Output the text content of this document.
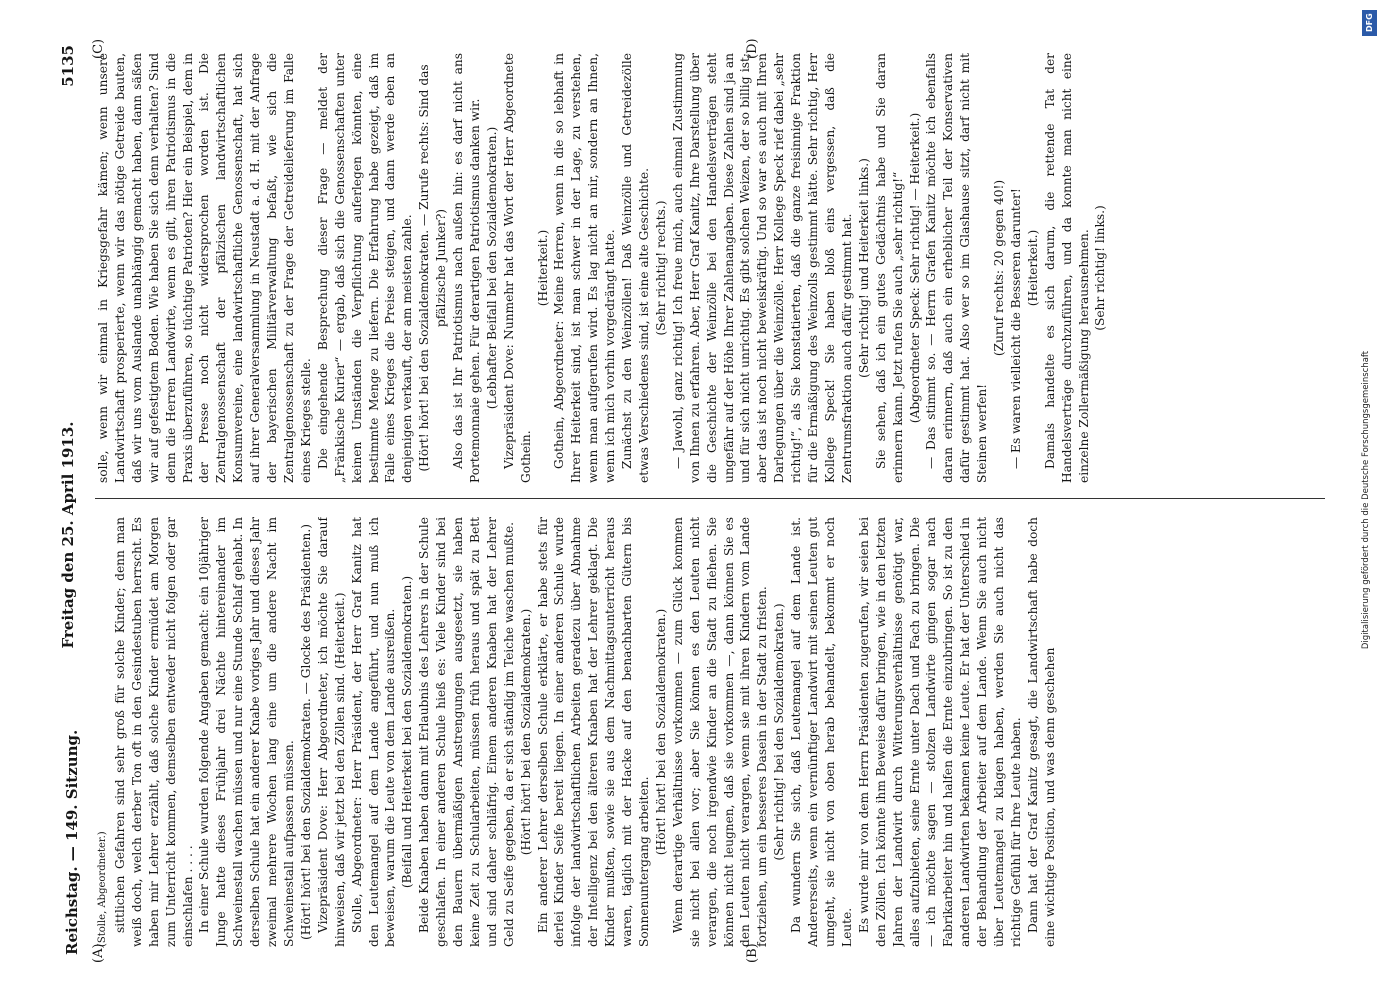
Reichstag. — 149. Sitzung.
Freitag den 25. April 1913.
5135
(A)	(B)
(C)	(D)

(Stolle, Abgeordneter.) sittlichen Gefahren sind sehr groß für solche Kinder; denn man weiß doch, welch derber Ton oft in den Gesindestuben herrscht. Es haben mir Lehrer erzählt, daß solche Kinder ermüdet am Morgen zum Unterricht kommen, demselben entweder nicht folgen oder gar einschlafen . . . . In einer Schule wurden folgende Angaben gemacht: ein 10jähriger Junge hatte dieses Frühjahr drei Nächte hintereinander im Schweinestall wachen müssen und nur eine Stunde Schlaf gehabt. In derselben Schule hat ein anderer Knabe voriges Jahr und dieses Jahr zweimal mehrere Wochen lang eine um die andere Nacht im Schweinestall aufpassen müssen. (Hört! hört! bei den Sozialdemokraten. — Glocke des Präsidenten.) Vizepräsident Dove: Herr Abgeordneter, ich möchte Sie darauf hinweisen, daß wir jetzt bei den Zöllen sind. (Heiterkeit.) Stolle, Abgeordneter: Herr Präsident, der Herr Graf Kanitz hat den Leutemangel auf dem Lande angeführt, und nun muß ich beweisen, warum die Leute von dem Lande ausreißen. (Beifall und Heiterkeit bei den Sozialdemokraten.) Beide Knaben haben dann mit Erlaubnis des Lehrers in der Schule geschlafen. In einer anderen Schule hieß es: Viele Kinder sind bei den Bauern übermäßigen Anstrengungen ausgesetzt, sie haben keine Zeit zu Schularbeiten, müssen früh heraus und spät zu Bett und sind daher schläfrig. Einem anderen Knaben hat der Lehrer Geld zu Seife gegeben, da er sich ständig im Teiche waschen mußte. (Hört! hört! bei den Sozialdemokraten.) Ein anderer Lehrer derselben Schule erklärte, er habe stets für derlei Kinder Seife bereit liegen. In einer anderen Schule wurde infolge der landwirtschaftlichen Arbeiten geradezu über Abnahme der Intelligenz bei den älteren Knaben hat der Lehrer geklagt. Die Kinder mußten, sowie sie aus dem Nachmittagsunterricht heraus waren, täglich mit der Hacke auf den benachbarten Gütern bis Sonnenuntergang arbeiten.

(Hört! hört! bei den Sozialdemokraten.) Wenn derartige Verhältnisse vorkommen — zum Glück kommen sie nicht bei allen vor; aber Sie können es den Leuten nicht verargen, die noch irgendwie Kinder an die Stadt zu fliehen. Sie können nicht leugnen, daß sie vorkommen —, dann können Sie es den Leuten nicht verargen, wenn sie mit ihren Kindern vom Lande fortziehen, um ein besseres Dasein in der Stadt zu fristen. (Sehr richtig! bei den Sozialdemokraten.) Da wundern Sie sich, daß Leutemangel auf dem Lande ist. Andererseits, wenn ein vernünftiger Landwirt mit seinen Leuten gut umgeht, sie nicht von oben herab behandelt, bekommt er noch Leute. Es wurde mir von dem Herrn Präsidenten zugerufen, wir seien bei den Zöllen. Ich könnte ihm Beweise dafür bringen, wie in den letzten Jahren der Landwirt durch Witterungsverhältnisse genötigt war, alles aufzubieten, seine Ernte unter Dach und Fach zu bringen. Die — ich möchte sagen — stolzen Landwirte gingen sogar nach Fabrikarbeiter hin und halfen die Ernte einzubringen. So ist zu den anderen Landwirten bekamen keine Leute. Er hat der Unterschied in der Behandlung der Arbeiter auf dem Lande. Wenn Sie auch nicht über Leutemangel zu klagen haben, werden Sie auch nicht das richtige Gefühl für Ihre Leute haben. Dann hat der Graf Kanitz gesagt, die Landwirtschaft habe doch eine wichtige Position, und was denn geschehen

solle, wenn wir einmal in Kriegsgefahr kämen; wenn unsere Landwirtschaft prosperierte, wenn wir das nötige Getreide bauten, daß wir uns vom Auslande unabhängig gemacht haben, dann säßen wir auf gefestigtem Boden. Wie haben Sie sich denn verhalten? Sind denn die Herren Landwirte, wenn es gilt, ihren Patriotismus in die Praxis überzuführen, so tüchtige Patrioten? Hier ein Beispiel, dem in der Presse noch nicht widersprochen worden ist. Die Zentralgenossenschaft der pfälzischen landwirtschaftlichen Konsumvereine, eine landwirtschaftliche Genossenschaft, hat sich auf ihrer Generalversammlung in Neustadt a. d. H. mit der Anfrage der bayerischen Militärverwaltung befaßt, wie sich die Zentralgenossenschaft zu der Frage der Getreidelieferung im Falle eines Krieges stelle. Die eingehende Besprechung dieser Frage — meldet der „Fränkische Kurier“ — ergab, daß sich die Genossenschaften unter keinen Umständen die Verpflichtung auferlegen könnten, eine bestimmte Menge zu liefern. Die Erfahrung habe gezeigt, daß im Falle eines Krieges die Preise steigen, und dann werde eben an denjenigen verkauft, der am meisten zahle. (Hört! hört! bei den Sozialdemokraten. — Zurufe rechts: Sind das pfälzische Junker?) Also das ist Ihr Patriotismus nach außen hin: es darf nicht ans Portemonnaie gehen. Für derartigen Patriotismus danken wir. (Lebhafter Beifall bei den Sozialdemokraten.) Vizepräsident Dove: Nunmehr hat das Wort der Herr Abgeordnete Gothein.

(Heiterkeit.) Gothein, Abgeordneter: Meine Herren, wenn in die so lebhaft in Ihrer Heiterkeit sind, ist man schwer in der Lage, zu verstehen, wenn man aufgerufen wird. Es lag nicht an mir, sondern an Ihnen, wenn ich mich vorhin vorgedrängt hatte. Zunächst zu den Weinzöllen! Daß Weinzölle und Getreidezölle etwas Verschiedenes sind, ist eine alte Geschichte. (Sehr richtig! rechts.) — Jawohl, ganz richtig! Ich freue mich, auch einmal Zustimmung von Ihnen zu erfahren. Aber, Herr Graf Kanitz, Ihre Darstellung über die Geschichte der Weinzölle bei den Handelsverträgen steht ungefähr auf der Höhe Ihrer Zahlenangaben. Diese Zahlen sind ja an und für sich nicht unrichtig. Es gibt solchen Weizen, der so billig ist; aber das ist noch nicht beweiskräftig. Und so war es auch mit Ihren Darlegungen über die Weinzölle. Herr Kollege Speck rief dabei „sehr richtig!“, als Sie konstatierten, daß die ganze freisinnige Fraktion für die Ermäßigung des Weinzolls gestimmt hätte. Sehr richtig, Herr Kollege Speck! Sie haben bloß eins vergessen, daß die Zentrumsfraktion auch dafür gestimmt hat. (Sehr richtig! und Heiterkeit links.) Sie sehen, daß ich ein gutes Gedächtnis habe und Sie daran erinnern kann. Jetzt rufen Sie auch „sehr richtig!“ (Abgeordneter Speck: Sehr richtig! — Heiterkeit.) — Das stimmt so. — Herrn Grafen Kanitz möchte ich ebenfalls daran erinnern, daß auch ein erheblicher Teil der Konservativen dafür gestimmt hat. Also wer so im Glashause sitzt, darf nicht mit Steinen werfen!

(Zuruf rechts: 20 gegen 40!) — Es waren vielleicht die Besseren darunter! (Heiterkeit.) Damals handelte es sich darum, die rettende Tat der Handelsverträge durchzuführen, und da konnte man nicht eine einzelne Zollermäßigung herausnehmen. (Sehr richtig! links.)

Digitalisierung gefördert durch die Deutsche Forschungsgemeinschaft
DFG
